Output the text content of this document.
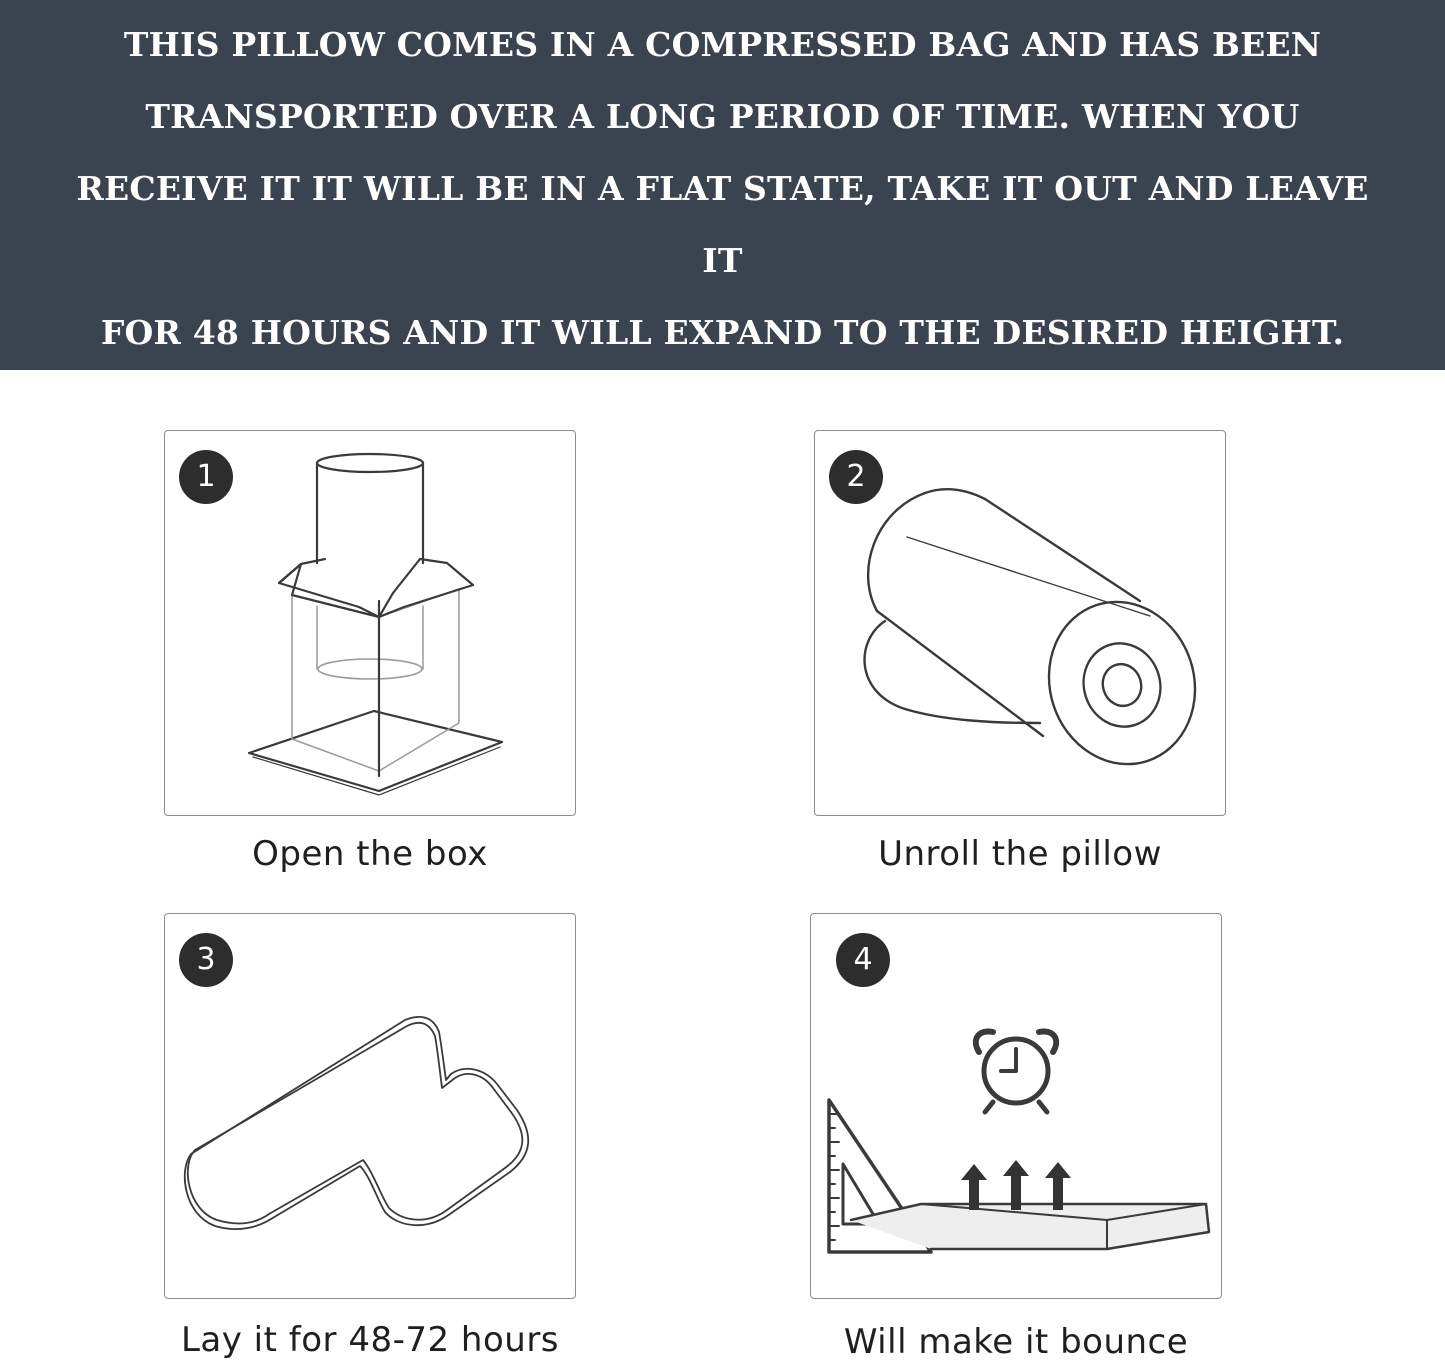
THIS PILLOW COMES IN A COMPRESSED BAG AND HAS BEEN
TRANSPORTED OVER A LONG PERIOD OF TIME. WHEN YOU
RECEIVE IT IT WILL BE IN A FLAT STATE, TAKE IT OUT AND LEAVE IT
FOR 48 HOURS AND IT WILL EXPAND TO THE DESIRED HEIGHT.
1
Open the box
2
Unroll the pillow
3
Lay it for 48-72 hours
4
Will make it bounce
